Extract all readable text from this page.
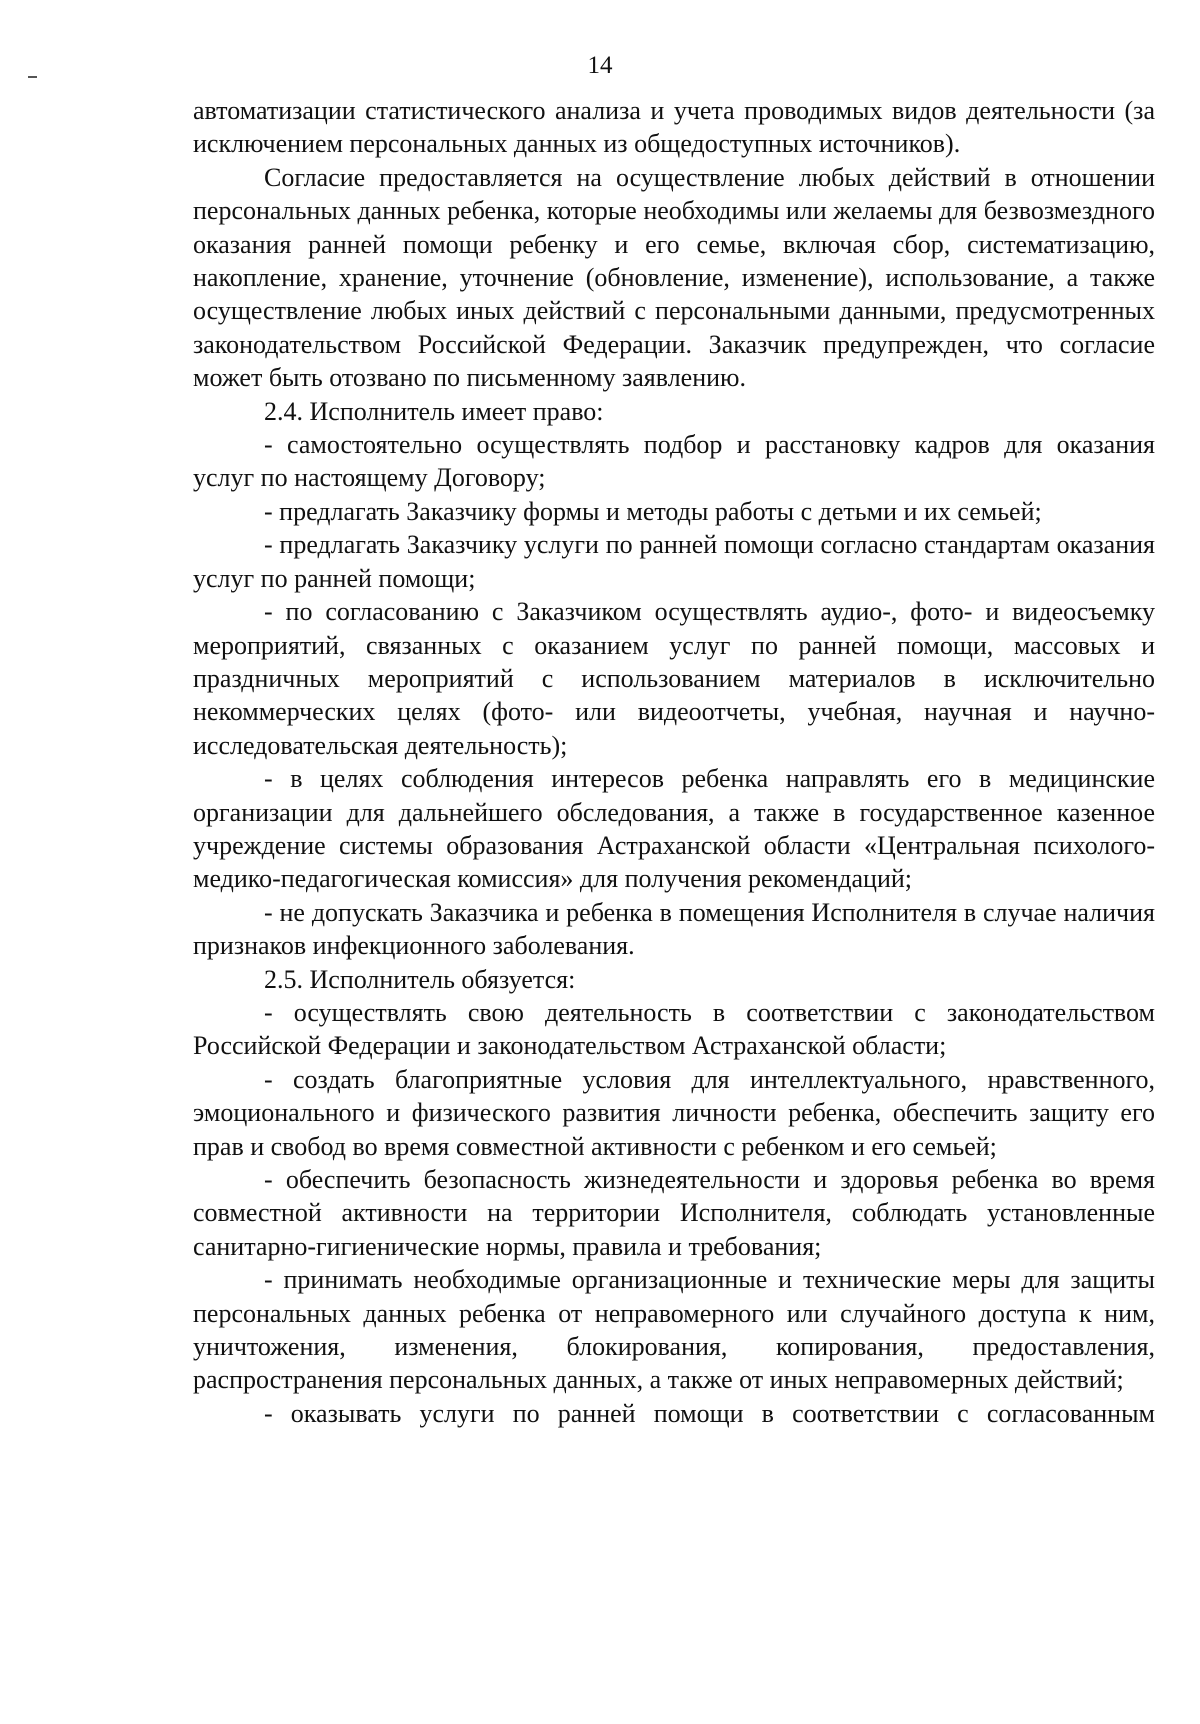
14

автоматизации статистического анализа и учета проводимых видов деятельности (за исключением персональных данных из общедоступных источников).

Согласие предоставляется на осуществление любых действий в отношении персональных данных ребенка, которые необходимы или желаемы для безвозмездного оказания ранней помощи ребенку и его семье, включая сбор, систематизацию, накопление, хранение, уточнение (обновление, изменение), использование, а также осуществление любых иных действий с персональными данными, предусмотренных законодательством Российской Федерации. Заказчик предупрежден, что согласие может быть отозвано по письменному заявлению.

2.4. Исполнитель имеет право:

- самостоятельно осуществлять подбор и расстановку кадров для оказания услуг по настоящему Договору;

- предлагать Заказчику формы и методы работы с детьми и их семьей;

- предлагать Заказчику услуги по ранней помощи согласно стандартам оказания услуг по ранней помощи;

- по согласованию с Заказчиком осуществлять аудио-, фото- и видеосъемку мероприятий, связанных с оказанием услуг по ранней помощи, массовых и праздничных мероприятий с использованием материалов в исключительно некоммерческих целях (фото- или видеоотчеты, учебная, научная и научно-исследовательская деятельность);

- в целях соблюдения интересов ребенка направлять его в медицинские организации для дальнейшего обследования, а также в государственное казенное учреждение системы образования Астраханской области «Центральная психолого-медико-педагогическая комиссия» для получения рекомендаций;

- не допускать Заказчика и ребенка в помещения Исполнителя в случае наличия признаков инфекционного заболевания.

2.5. Исполнитель обязуется:

- осуществлять свою деятельность в соответствии с законодательством Российской Федерации и законодательством Астраханской области;

- создать благоприятные условия для интеллектуального, нравственного, эмоционального и физического развития личности ребенка, обеспечить защиту его прав и свобод во время совместной активности с ребенком и его семьей;

- обеспечить безопасность жизнедеятельности и здоровья ребенка во время совместной активности на территории Исполнителя, соблюдать установленные санитарно-гигиенические нормы, правила и требования;

- принимать необходимые организационные и технические меры для защиты персональных данных ребенка от неправомерного или случайного доступа к ним, уничтожения, изменения, блокирования, копирования, предоставления, распространения персональных данных, а также от иных неправомерных действий;

- оказывать услуги по ранней помощи в соответствии с согласованным
